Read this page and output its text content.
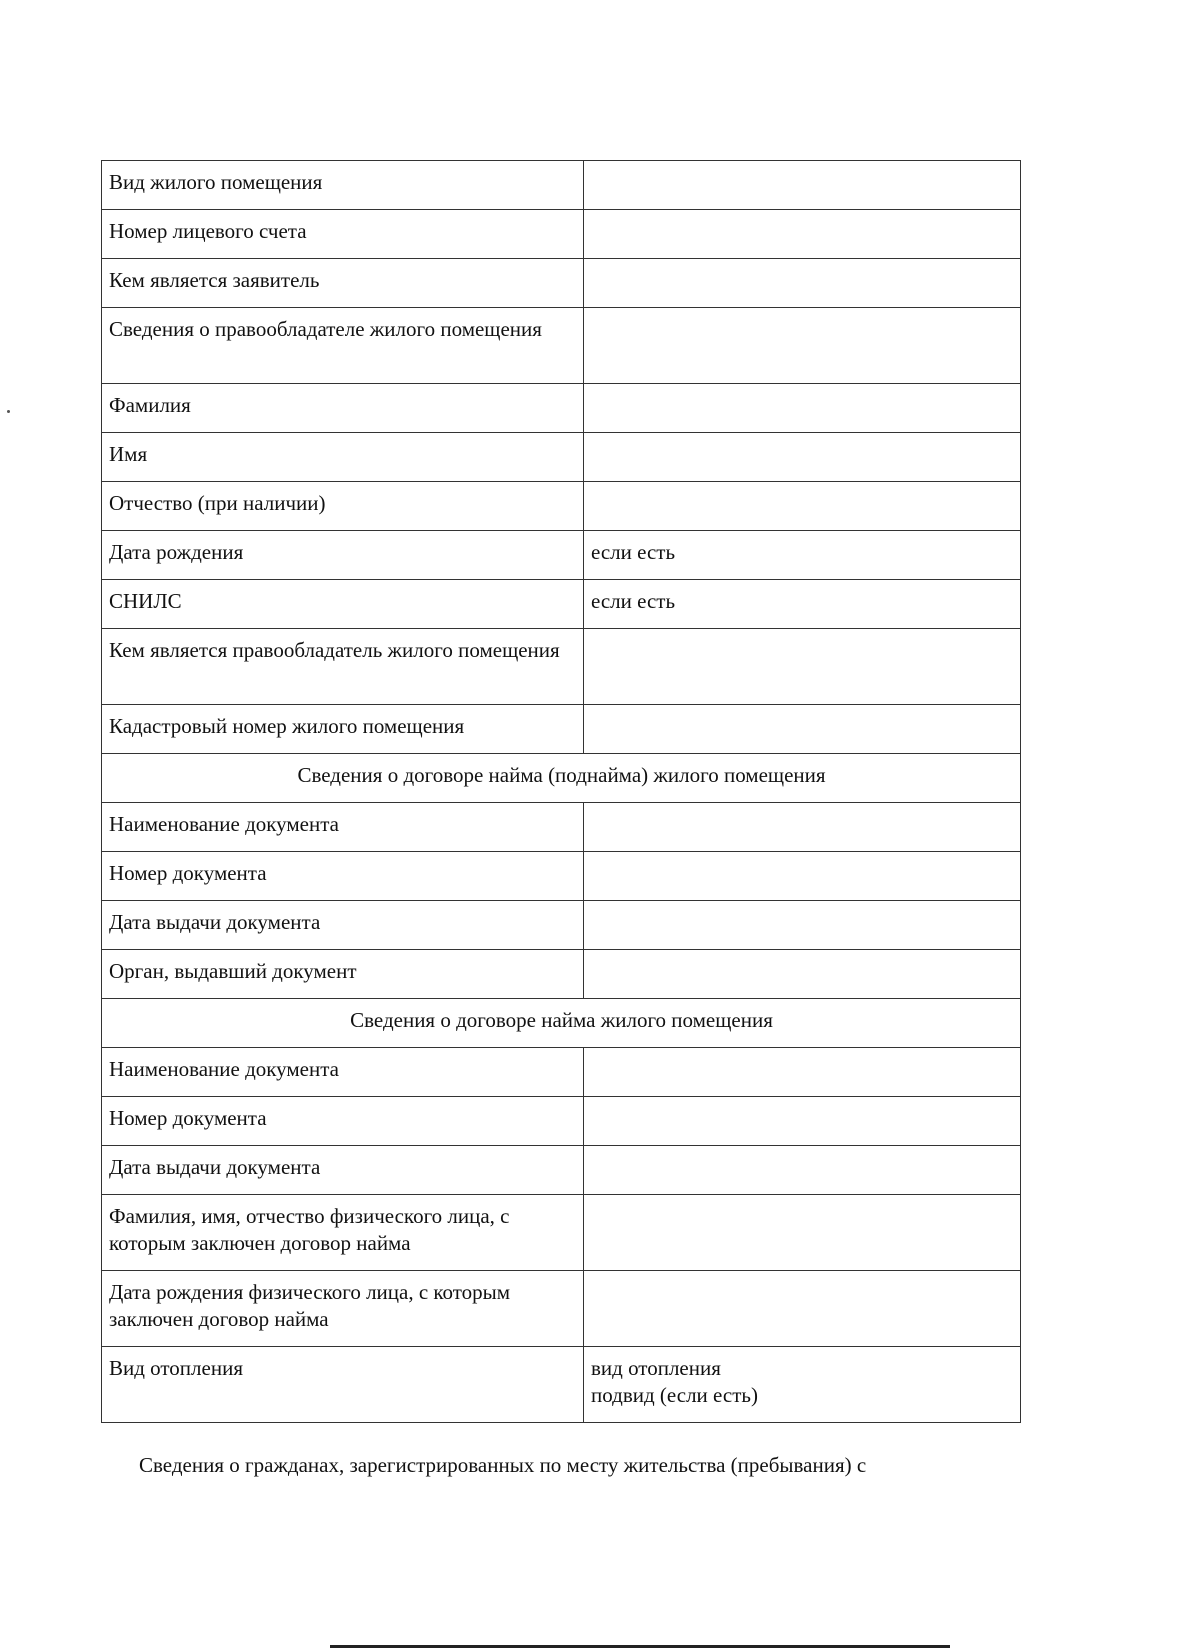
Вид жилого помещения	
Номер лицевого счета	
Кем является заявитель	
Сведения о правообладателе жилого помещения	
Фамилия	
Имя	
Отчество (при наличии)	
Дата рождения	если есть
СНИЛС	если есть
Кем является правообладатель жилого помещения	
Кадастровый номер жилого помещения	
Сведения о договоре найма (поднайма) жилого помещения	
Наименование документа	
Номер документа	
Дата выдачи документа	
Орган, выдавший документ	
Сведения о договоре найма жилого помещения	
Наименование документа	
Номер документа	
Дата выдачи документа	
Фамилия, имя, отчество физического лица, с которым заключен договор найма	
Дата рождения физического лица, с которым заключен договор найма	
Вид отопления	вид отопления
подвид (если есть)
Сведения о гражданах, зарегистрированных по месту жительства (пребывания) с
